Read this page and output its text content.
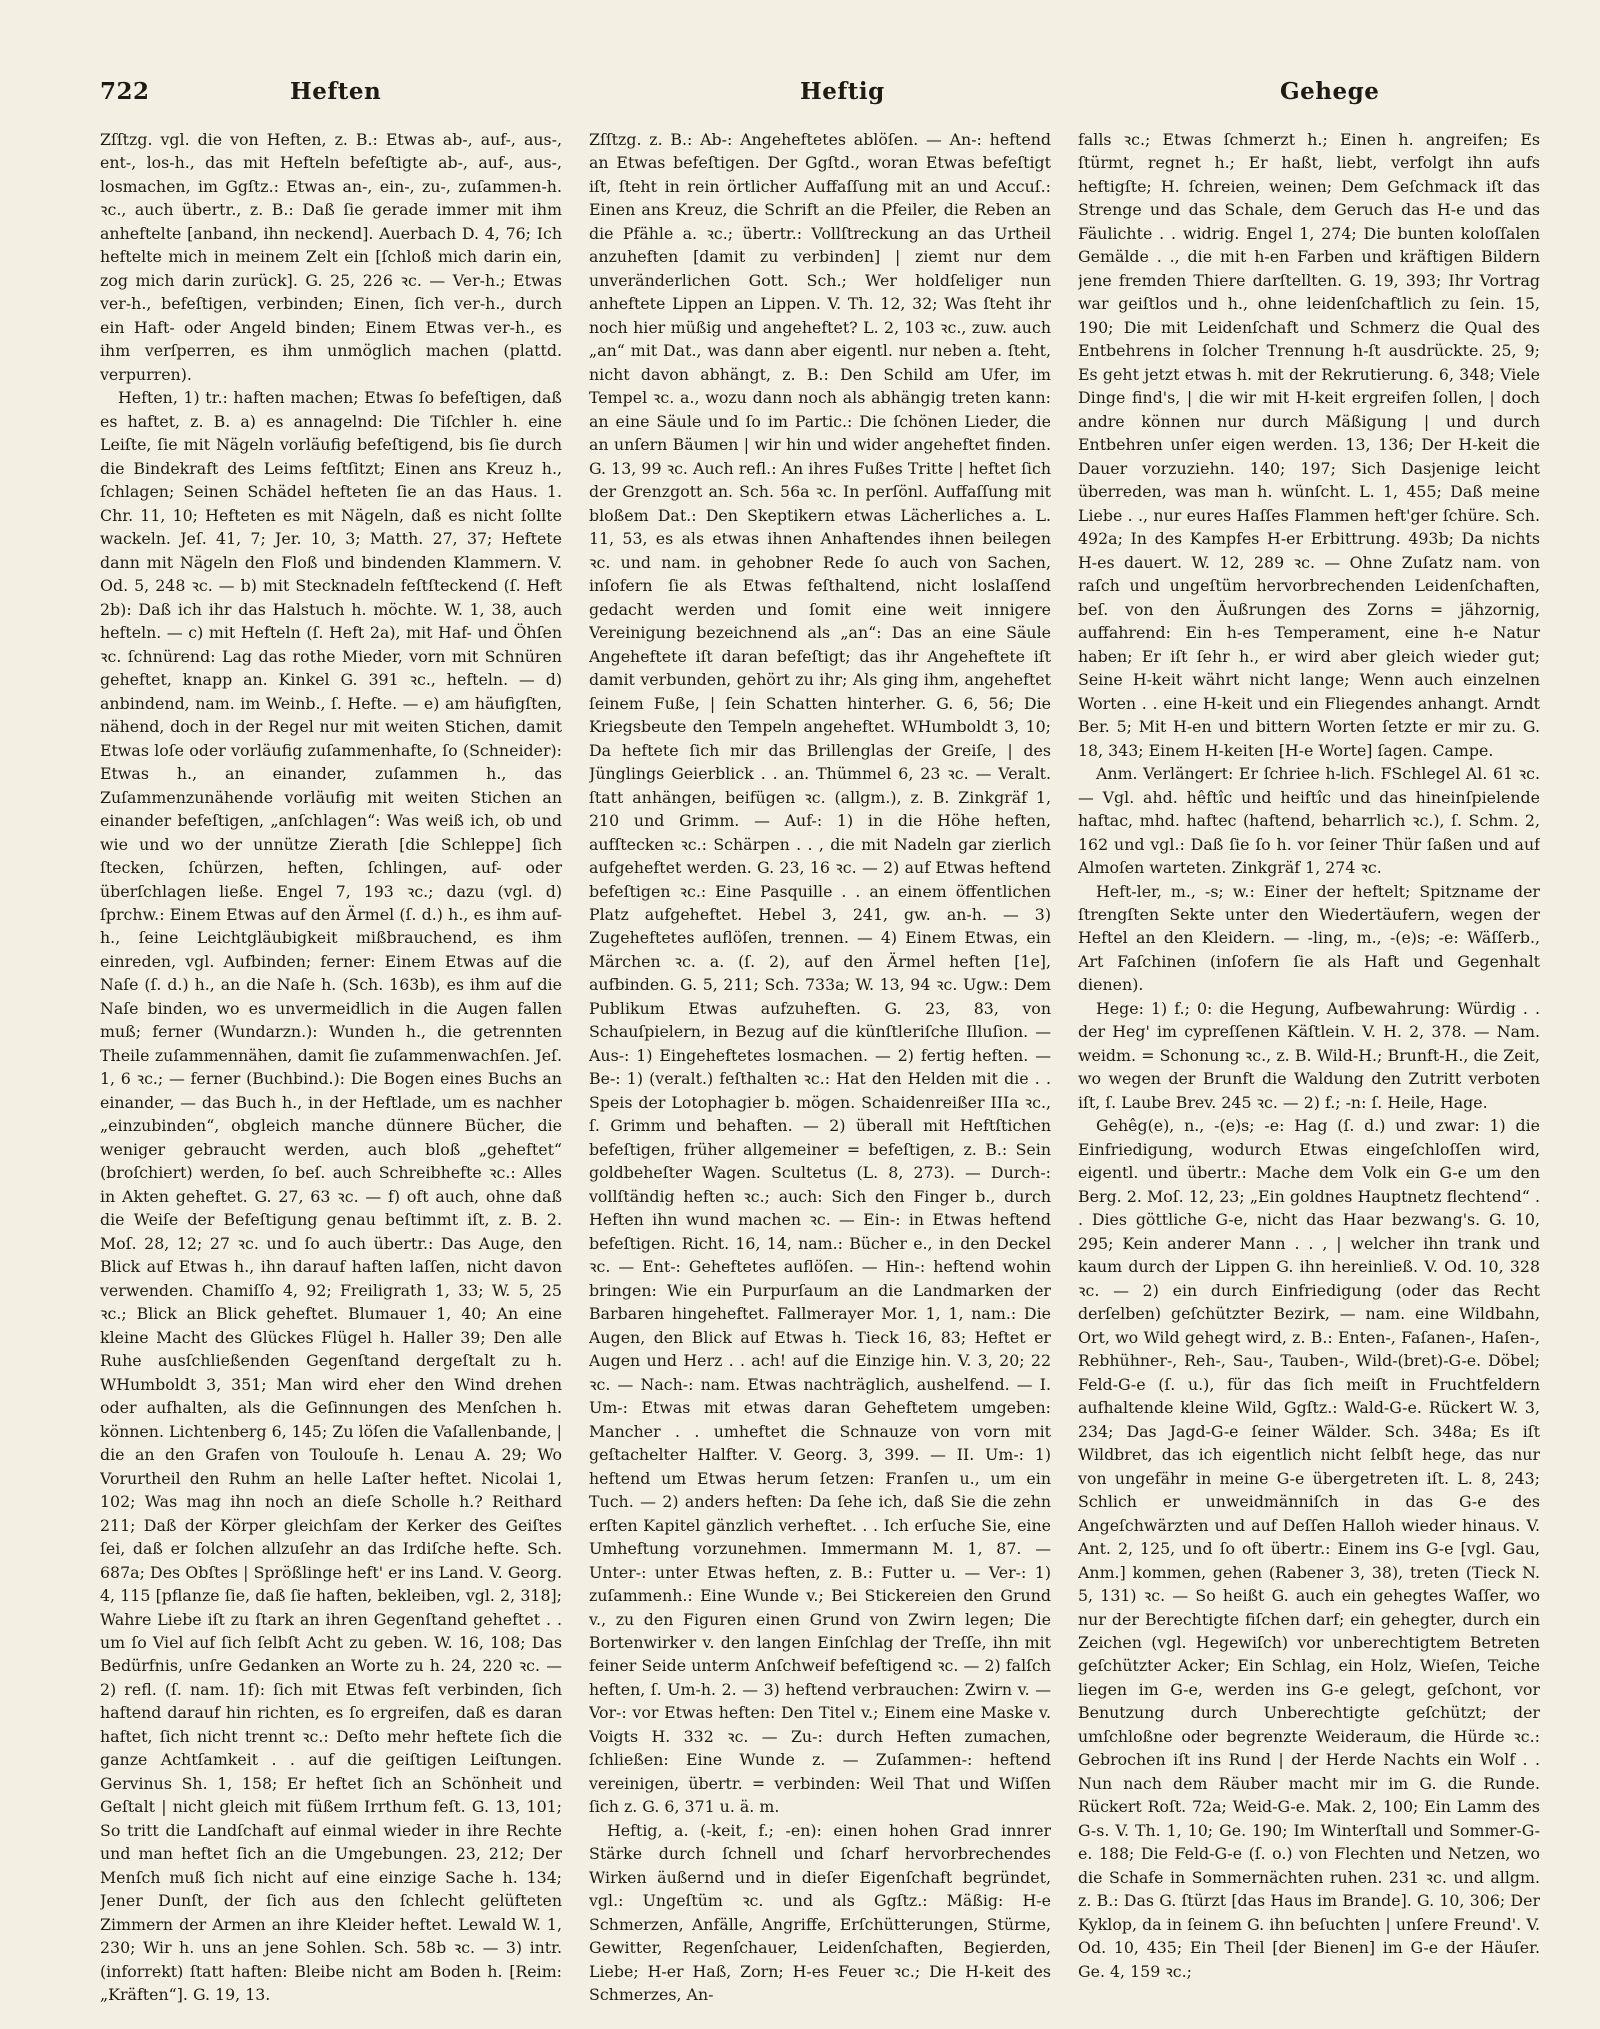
722	Heften	Heftig	Gehege

Zſſtzg. vgl. die von Heften, z. B.: Etwas ab-, auf-, aus-, ent-, los-h., das mit Hefteln befeſtigte ab-, auf-, aus-, losmachen, im Ggſtz.: Etwas an-, ein-, zu-, zuſammen-h. ꝛc., auch übertr., z. B.: Daß ſie gerade immer mit ihm anheftelte [anband, ihn neckend]. Auerbach D. 4, 76; Ich heftelte mich in meinem Zelt ein [ſchloß mich darin ein, zog mich darin zurück]. G. 25, 226 ꝛc. — Ver-h.; Etwas ver-h., befeſtigen, verbinden; Einen, ſich ver-h., durch ein Haft- oder Angeld binden; Einem Etwas ver-h., es ihm verſperren, es ihm unmöglich machen (plattd. verpurren).

Heften, 1) tr.: haften machen; Etwas ſo befeſtigen, daß es haftet, z. B. a) es annagelnd: Die Tiſchler h. eine Leiſte, ſie mit Nägeln vorläufig befeſtigend, bis ſie durch die Bindekraft des Leims feſtſitzt; Einen ans Kreuz h., ſchlagen; Seinen Schädel hefteten ſie an das Haus. 1. Chr. 11, 10; Hefteten es mit Nägeln, daß es nicht ſollte wackeln. Jeſ. 41, 7; Jer. 10, 3; Matth. 27, 37; Heftete dann mit Nägeln den Floß und bindenden Klammern. V. Od. 5, 248 ꝛc. — b) mit Stecknadeln feſtſteckend (ſ. Heft 2b): Daß ich ihr das Halstuch h. möchte. W. 1, 38, auch hefteln. — c) mit Hefteln (ſ. Heft 2a), mit Haf- und Öhſen ꝛc. ſchnürend: Lag das rothe Mieder, vorn mit Schnüren geheftet, knapp an. Kinkel G. 391 ꝛc., hefteln. — d) anbindend, nam. im Weinb., ſ. Hefte. — e) am häufigſten, nähend, doch in der Regel nur mit weiten Stichen, damit Etwas loſe oder vorläufig zuſammenhafte, ſo (Schneider): Etwas h., an einander, zuſammen h., das Zuſammenzunähende vorläufig mit weiten Stichen an einander befeſtigen, „anſchlagen“: Was weiß ich, ob und wie und wo der unnütze Zierath [die Schleppe] ſich ſtecken, ſchürzen, heften, ſchlingen, auf- oder überſchlagen ließe. Engel 7, 193 ꝛc.; dazu (vgl. d) ſprchw.: Einem Etwas auf den Ärmel (ſ. d.) h., es ihm auf-h., ſeine Leichtgläubigkeit mißbrauchend, es ihm einreden, vgl. Aufbinden; ferner: Einem Etwas auf die Naſe (ſ. d.) h., an die Naſe h. (Sch. 163b), es ihm auf die Naſe binden, wo es unvermeidlich in die Augen fallen muß; ferner (Wundarzn.): Wunden h., die getrennten Theile zuſammennähen, damit ſie zuſammenwachſen. Jeſ. 1, 6 ꝛc.; — ferner (Buchbind.): Die Bogen eines Buchs an einander, — das Buch h., in der Heftlade, um es nachher „einzubinden“, obgleich manche dünnere Bücher, die weniger gebraucht werden, auch bloß „geheftet“ (broſchiert) werden, ſo beſ. auch Schreibhefte ꝛc.: Alles in Akten geheftet. G. 27, 63 ꝛc. — f) oft auch, ohne daß die Weiſe der Befeſtigung genau beſtimmt iſt, z. B. 2. Moſ. 28, 12; 27 ꝛc. und ſo auch übertr.: Das Auge, den Blick auf Etwas h., ihn darauf haften laſſen, nicht davon verwenden. Chamiſſo 4, 92; Freiligrath 1, 33; W. 5, 25 ꝛc.; Blick an Blick geheftet. Blumauer 1, 40; An eine kleine Macht des Glückes Flügel h. Haller 39; Den alle Ruhe ausſchließenden Gegenſtand dergeſtalt zu h. WHumboldt 3, 351; Man wird eher den Wind drehen oder aufhalten, als die Geſinnungen des Menſchen h. können. Lichtenberg 6, 145; Zu löſen die Vaſallenbande, | die an den Grafen von Toulouſe h. Lenau A. 29; Wo Vorurtheil den Ruhm an helle Laſter heftet. Nicolai 1, 102; Was mag ihn noch an dieſe Scholle h.? Reithard 211; Daß der Körper gleichſam der Kerker des Geiſtes ſei, daß er ſolchen allzuſehr an das Irdiſche hefte. Sch. 687a; Des Obſtes | Sprößlinge heft' er ins Land. V. Georg. 4, 115 [pflanze ſie, daß ſie haften, bekleiben, vgl. 2, 318]; Wahre Liebe iſt zu ſtark an ihren Gegenſtand geheftet . . um ſo Viel auf ſich ſelbſt Acht zu geben. W. 16, 108; Das Bedürfnis, unſre Gedanken an Worte zu h. 24, 220 ꝛc. — 2) refl. (ſ. nam. 1f): ſich mit Etwas feſt verbinden, ſich haftend darauf hin richten, es ſo ergreifen, daß es daran haftet, ſich nicht trennt ꝛc.: Deſto mehr heftete ſich die ganze Achtſamkeit . . auf die geiſtigen Leiſtungen. Gervinus Sh. 1, 158; Er heftet ſich an Schönheit und Geſtalt | nicht gleich mit füßem Irrthum feſt. G. 13, 101; So tritt die Landſchaft auf einmal wieder in ihre Rechte und man heftet ſich an die Umgebungen. 23, 212; Der Menſch muß ſich nicht auf eine einzige Sache h. 134; Jener Dunſt, der ſich aus den ſchlecht gelüfteten Zimmern der Armen an ihre Kleider heftet. Lewald W. 1, 230; Wir h. uns an jene Sohlen. Sch. 58b ꝛc. — 3) intr. (inforrekt) ſtatt haften: Bleibe nicht am Boden h. [Reim: „Kräften“]. G. 19, 13.

Zſſtzg. z. B.: Ab-: Angeheftetes ablöſen. — An-: heftend an Etwas befeſtigen. Der Ggſtd., woran Etwas befeſtigt iſt, ſteht in rein örtlicher Auffaſſung mit an und Accuſ.: Einen ans Kreuz, die Schrift an die Pfeiler, die Reben an die Pfähle a. ꝛc.; übertr.: Vollſtreckung an das Urtheil anzuheften [damit zu verbinden] | ziemt nur dem unveränderlichen Gott. Sch.; Wer holdſeliger nun anheftete Lippen an Lippen. V. Th. 12, 32; Was ſteht ihr noch hier müßig und angeheftet? L. 2, 103 ꝛc., zuw. auch „an“ mit Dat., was dann aber eigentl. nur neben a. ſteht, nicht davon abhängt, z. B.: Den Schild am Ufer, im Tempel ꝛc. a., wozu dann noch als abhängig treten kann: an eine Säule und ſo im Partic.: Die ſchönen Lieder, die an unſern Bäumen | wir hin und wider angeheftet finden. G. 13, 99 ꝛc. Auch refl.: An ihres Fußes Tritte | heftet ſich der Grenzgott an. Sch. 56a ꝛc. In perſönl. Auffaſſung mit bloßem Dat.: Den Skeptikern etwas Lächerliches a. L. 11, 53, es als etwas ihnen Anhaftendes ihnen beilegen ꝛc. und nam. in gehobner Rede ſo auch von Sachen, inſofern ſie als Etwas feſthaltend, nicht loslaſſend gedacht werden und ſomit eine weit innigere Vereinigung bezeichnend als „an“: Das an eine Säule Angeheftete iſt daran befeſtigt; das ihr Angeheftete iſt damit verbunden, gehört zu ihr; Als ging ihm, angeheftet ſeinem Fuße, | ſein Schatten hinterher. G. 6, 56; Die Kriegsbeute den Tempeln angeheftet. WHumboldt 3, 10; Da heftete ſich mir das Brillenglas der Greiſe, | des Jünglings Geierblick . . an. Thümmel 6, 23 ꝛc. — Veralt. ſtatt anhängen, beifügen ꝛc. (allgm.), z. B. Zinkgräf 1, 210 und Grimm. — Auf-: 1) in die Höhe heften, aufſtecken ꝛc.: Schärpen . . , die mit Nadeln gar zierlich aufgeheftet werden. G. 23, 16 ꝛc. — 2) auf Etwas heftend befeſtigen ꝛc.: Eine Pasquille . . an einem öffentlichen Platz aufgeheftet. Hebel 3, 241, gw. an-h. — 3) Zugeheftetes auflöſen, trennen. — 4) Einem Etwas, ein Märchen ꝛc. a. (ſ. 2), auf den Ärmel heften [1e], aufbinden. G. 5, 211; Sch. 733a; W. 13, 94 ꝛc. Ugw.: Dem Publikum Etwas aufzuheften. G. 23, 83, von Schauſpielern, in Bezug auf die künſtleriſche Illuſion. — Aus-: 1) Eingeheftetes losmachen. — 2) fertig heften. — Be-: 1) (veralt.) feſthalten ꝛc.: Hat den Helden mit die . . Speis der Lotophagier b. mögen. Schaidenreißer IIIa ꝛc., ſ. Grimm und behaften. — 2) überall mit Heftſtichen befeſtigen, früher allgemeiner = befeſtigen, z. B.: Sein goldbeheſter Wagen. Scultetus (L. 8, 273). — Durch-: vollſtändig heften ꝛc.; auch: Sich den Finger b., durch Heften ihn wund machen ꝛc. — Ein-: in Etwas heftend befeſtigen. Richt. 16, 14, nam.: Bücher e., in den Deckel ꝛc. — Ent-: Geheftetes auflöſen. — Hin-: heftend wohin bringen: Wie ein Purpurſaum an die Landmarken der Barbaren hingeheftet. Fallmerayer Mor. 1, 1, nam.: Die Augen, den Blick auf Etwas h. Tieck 16, 83; Heftet er Augen und Herz . . ach! auf die Einzige hin. V. 3, 20; 22 ꝛc. — Nach-: nam. Etwas nachträglich, aushelfend. — I. Um-: Etwas mit etwas daran Geheftetem umgeben: Mancher . . umheftet die Schnauze von vorn mit geſtachelter Halfter. V. Georg. 3, 399. — II. Um-: 1) heftend um Etwas herum ſetzen: Franſen u., um ein Tuch. — 2) anders heften: Da ſehe ich, daß Sie die zehn erſten Kapitel gänzlich verheftet. . . Ich erſuche Sie, eine Umheftung vorzunehmen. Immermann M. 1, 87. — Unter-: unter Etwas heften, z. B.: Futter u. — Ver-: 1) zuſammenh.: Eine Wunde v.; Bei Stickereien den Grund v., zu den Figuren einen Grund von Zwirn legen; Die Bortenwirker v. den langen Einſchlag der Treſſe, ihn mit feiner Seide unterm Anſchweif befeſtigend ꝛc. — 2) falſch heften, ſ. Um-h. 2. — 3) heftend verbrauchen: Zwirn v. — Vor-: vor Etwas heften: Den Titel v.; Einem eine Maske v. Voigts H. 332 ꝛc. — Zu-: durch Heften zumachen, ſchließen: Eine Wunde z. — Zuſammen-: heftend vereinigen, übertr. = verbinden: Weil That und Wiſſen ſich z. G. 6, 371 u. ä. m.

Heftig, a. (-keit, f.; -en): einen hohen Grad innrer Stärke durch ſchnell und ſcharf hervorbrechendes Wirken äußernd und in dieſer Eigenſchaft begründet, vgl.: Ungeſtüm ꝛc. und als Ggſtz.: Mäßig: H-e Schmerzen, Anfälle, Angriffe, Erſchütterungen, Stürme, Gewitter, Regenſchauer, Leidenſchaften, Begierden, Liebe; H-er Haß, Zorn; H-es Feuer ꝛc.; Die H-keit des Schmerzes, An-

falls ꝛc.; Etwas ſchmerzt h.; Einen h. angreifen; Es ſtürmt, regnet h.; Er haßt, liebt, verfolgt ihn aufs heftigſte; H. ſchreien, weinen; Dem Geſchmack iſt das Strenge und das Schale, dem Geruch das H-e und das Fäulichte . . widrig. Engel 1, 274; Die bunten koloſſalen Gemälde . ., die mit h-en Farben und kräftigen Bildern jene fremden Thiere darſtellten. G. 19, 393; Ihr Vortrag war geiſtlos und h., ohne leidenſchaftlich zu ſein. 15, 190; Die mit Leidenſchaft und Schmerz die Qual des Entbehrens in ſolcher Trennung h-ſt ausdrückte. 25, 9; Es geht jetzt etwas h. mit der Rekrutierung. 6, 348; Viele Dinge find's, | die wir mit H-keit ergreifen ſollen, | doch andre können nur durch Mäßigung | und durch Entbehren unſer eigen werden. 13, 136; Der H-keit die Dauer vorzuziehn. 140; 197; Sich Dasjenige leicht überreden, was man h. wünſcht. L. 1, 455; Daß meine Liebe . ., nur eures Haſſes Flammen heft'ger ſchüre. Sch. 492a; In des Kampfes H-er Erbittrung. 493b; Da nichts H-es dauert. W. 12, 289 ꝛc. — Ohne Zuſatz nam. von raſch und ungeſtüm hervorbrechenden Leidenſchaften, beſ. von den Äußrungen des Zorns = jähzornig, auffahrend: Ein h-es Temperament, eine h-e Natur haben; Er iſt ſehr h., er wird aber gleich wieder gut; Seine H-keit währt nicht lange; Wenn auch einzelnen Worten . . eine H-keit und ein Fliegendes anhangt. Arndt Ber. 5; Mit H-en und bittern Worten ſetzte er mir zu. G. 18, 343; Einem H-keiten [H-e Worte] ſagen. Campe.

Anm. Verlängert: Er ſchriee h-lich. FSchlegel Al. 61 ꝛc. — Vgl. ahd. hêftîc und heiftîc und das hineinſpielende haftac, mhd. haftec (haftend, beharrlich ꝛc.), ſ. Schm. 2, 162 und vgl.: Daß ſie ſo h. vor ſeiner Thür ſaßen und auf Almoſen warteten. Zinkgräf 1, 274 ꝛc.

Heft-ler, m., -s; w.: Einer der heftelt; Spitzname der ſtrengſten Sekte unter den Wiedertäufern, wegen der Heftel an den Kleidern. — -ling, m., -(e)s; -e: Wäſſerb., Art Faſchinen (inſofern ſie als Haft und Gegenhalt dienen).

Hege: 1) f.; 0: die Hegung, Aufbewahrung: Würdig . . der Heg' im cypreſſenen Käſtlein. V. H. 2, 378. — Nam. weidm. = Schonung ꝛc., z. B. Wild-H.; Brunft-H., die Zeit, wo wegen der Brunft die Waldung den Zutritt verboten iſt, ſ. Laube Brev. 245 ꝛc. — 2) f.; -n: ſ. Heile, Hage.

Gehêg(e), n., -(e)s; -e: Hag (ſ. d.) und zwar: 1) die Einfriedigung, wodurch Etwas eingeſchloſſen wird, eigentl. und übertr.: Mache dem Volk ein G-e um den Berg. 2. Moſ. 12, 23; „Ein goldnes Hauptnetz flechtend“ . . Dies göttliche G-e, nicht das Haar bezwang's. G. 10, 295; Kein anderer Mann . . , | welcher ihn trank und kaum durch der Lippen G. ihn hereinließ. V. Od. 10, 328 ꝛc. — 2) ein durch Einfriedigung (oder das Recht derſelben) geſchützter Bezirk, — nam. eine Wildbahn, Ort, wo Wild gehegt wird, z. B.: Enten-, Faſanen-, Haſen-, Rebhühner-, Reh-, Sau-, Tauben-, Wild-(bret)-G-e. Döbel; Feld-G-e (ſ. u.), für das ſich meiſt in Fruchtfeldern aufhaltende kleine Wild, Ggſtz.: Wald-G-e. Rückert W. 3, 234; Das Jagd-G-e ſeiner Wälder. Sch. 348a; Es iſt Wildbret, das ich eigentlich nicht ſelbſt hege, das nur von ungefähr in meine G-e übergetreten iſt. L. 8, 243; Schlich er unweidmänniſch in das G-e des Angeſchwärzten und auf Deſſen Halloh wieder hinaus. V. Ant. 2, 125, und ſo oft übertr.: Einem ins G-e [vgl. Gau, Anm.] kommen, gehen (Rabener 3, 38), treten (Tieck N. 5, 131) ꝛc. — So heißt G. auch ein gehegtes Waſſer, wo nur der Berechtigte fiſchen darf; ein gehegter, durch ein Zeichen (vgl. Hegewiſch) vor unberechtigtem Betreten geſchützter Acker; Ein Schlag, ein Holz, Wieſen, Teiche liegen im G-e, werden ins G-e gelegt, geſchont, vor Benutzung durch Unberechtigte geſchützt; der umſchloßne oder begrenzte Weideraum, die Hürde ꝛc.: Gebrochen iſt ins Rund | der Herde Nachts ein Wolf . . Nun nach dem Räuber macht mir im G. die Runde. Rückert Roſt. 72a; Weid-G-e. Mak. 2, 100; Ein Lamm des G-s. V. Th. 1, 10; Ge. 190; Im Winterſtall und Sommer-G-e. 188; Die Feld-G-e (ſ. o.) von Flechten und Netzen, wo die Schafe in Sommernächten ruhen. 231 ꝛc. und allgm. z. B.: Das G. ſtürzt [das Haus im Brande]. G. 10, 306; Der Kyklop, da in ſeinem G. ihn beſuchten | unſere Freund'. V. Od. 10, 435; Ein Theil [der Bienen] im G-e der Häuſer. Ge. 4, 159 ꝛc.;
